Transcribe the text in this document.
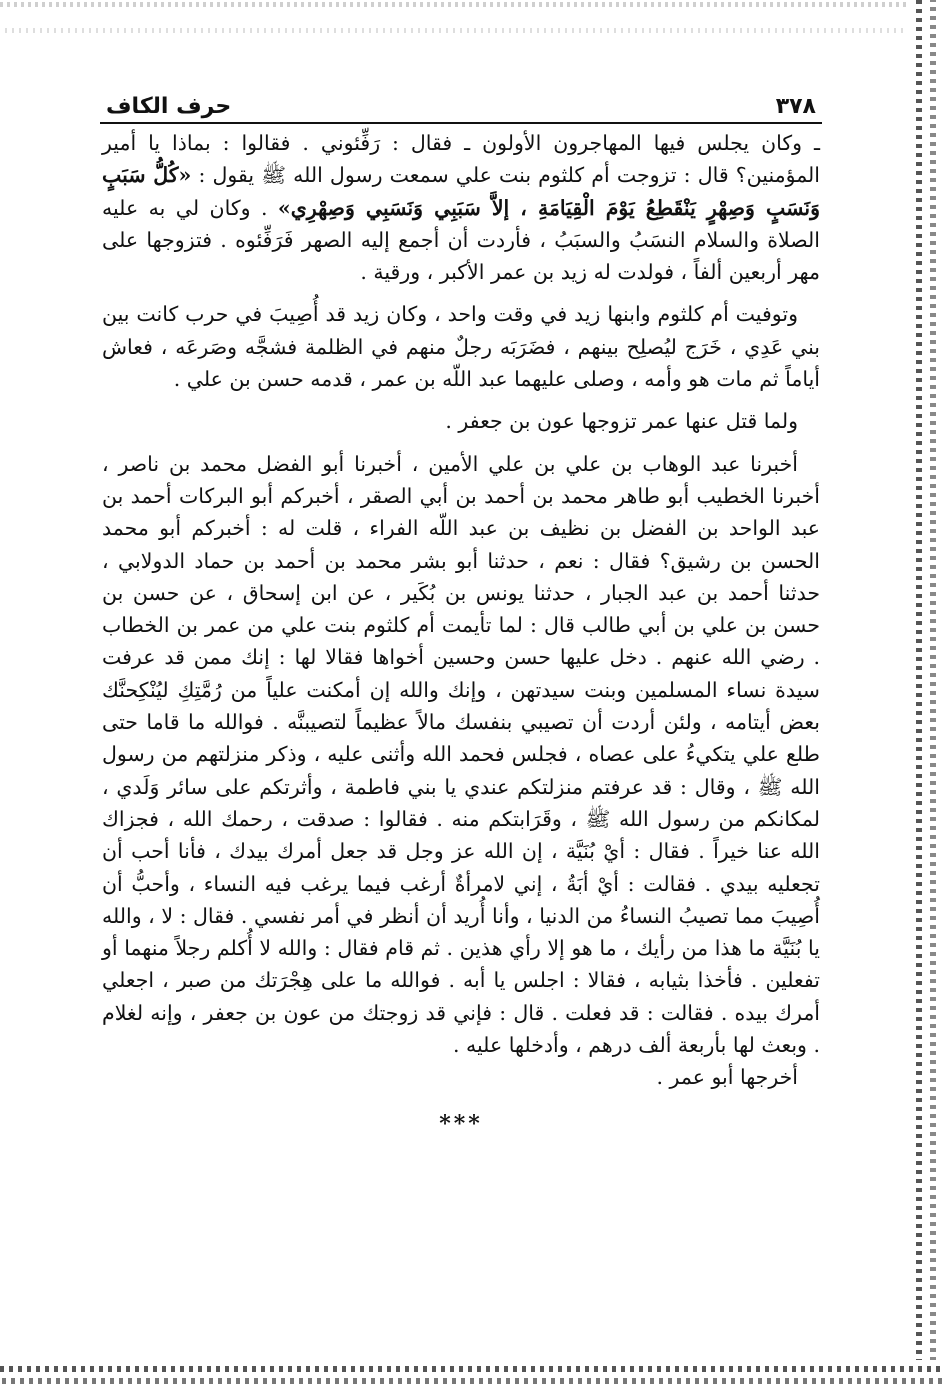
٣٧٨
حرف الكاف

ـ وكان يجلس فيها المهاجرون الأولون ـ فقال : رَفِّئوني . فقالوا : بماذا يا أمير المؤمنين؟ قال : تزوجت أم كلثوم بنت علي سمعت رسول الله ﷺ يقول : «كُلُّ سَبَبٍ وَنَسَبٍ وَصِهْرٍ يَنْقَطِعُ يَوْمَ الْقِيَامَةِ ، إلاَّ سَبَبِي وَنَسَبِي وَصِهْرِي» . وكان لي به عليه الصلاة والسلام النسَبُ والسبَبُ ، فأردت أن أجمع إليه الصهر فَرَفِّئوه . فتزوجها على مهر أربعين ألفاً ، فولدت له زيد بن عمر الأكبر ، ورقية .

وتوفيت أم كلثوم وابنها زيد في وقت واحد ، وكان زيد قد أُصِيبَ في حرب كانت بين بني عَدِي ، خَرَج ليُصلِح بينهم ، فضَرَبَه رجلٌ منهم في الظلمة فشجَّه وصَرعَه ، فعاش أياماً ثم مات هو وأمه ، وصلى عليهما عبد اللّه بن عمر ، قدمه حسن بن علي .

ولما قتل عنها عمر تزوجها عون بن جعفر .

أخبرنا عبد الوهاب بن علي بن علي الأمين ، أخبرنا أبو الفضل محمد بن ناصر ، أخبرنا الخطيب أبو طاهر محمد بن أحمد بن أبي الصقر ، أخبركم أبو البركات أحمد بن عبد الواحد بن الفضل بن نظيف بن عبد اللّه الفراء ، قلت له : أخبركم أبو محمد الحسن بن رشيق؟ فقال : نعم ، حدثنا أبو بشر محمد بن أحمد بن حماد الدولابي ، حدثنا أحمد بن عبد الجبار ، حدثنا يونس بن بُكَير ، عن ابن إسحاق ، عن حسن بن حسن بن علي بن أبي طالب قال : لما تأيمت أم كلثوم بنت علي من عمر بن الخطاب . رضي الله عنهم . دخل عليها حسن وحسين أخواها فقالا لها : إنك ممن قد عرفت سيدة نساء المسلمين وبنت سيدتهن ، وإنك والله إن أمكنت علياً من رُمَّتِكِ ليُنْكِحنَّك بعض أيتامه ، ولئن أردت أن تصيبي بنفسك مالاً عظيماً لتصيبنَّه . فوالله ما قاما حتى طلع علي يتكيءُ على عصاه ، فجلس فحمد الله وأثنى عليه ، وذكر منزلتهم من رسول الله ﷺ ، وقال : قد عرفتم منزلتكم عندي يا بني فاطمة ، وأثرتكم على سائر وَلَدي ، لمكانكم من رسول الله ﷺ ، وقَرَابتكم منه . فقالوا : صدقت ، رحمك الله ، فجزاك الله عنا خيراً . فقال : أيْ بُنَيَّة ، إن الله عز وجل قد جعل أمرك بيدك ، فأنا أحب أن تجعليه بيدي . فقالت : أيْ أبَةُ ، إني لامرأةٌ أرغب فيما يرغب فيه النساء ، وأحبُّ أن أُصِيبَ مما تصيبُ النساءُ من الدنيا ، وأنا أُريد أن أنظر في أمر نفسي . فقال : لا ، والله يا بُنَيَّة ما هذا من رأيك ، ما هو إلا رأي هذين . ثم قام فقال : والله لا أُكلم رجلاً منهما أو تفعلين . فأخذا بثيابه ، فقالا : اجلس يا أبه . فوالله ما على هِجْرَتك من صبر ، اجعلي أمرك بيده . فقالت : قد فعلت . قال : فإني قد زوجتك من عون بن جعفر ، وإنه لغلام . وبعث لها بأربعة ألف درهم ، وأدخلها عليه .

أخرجها أبو عمر .

***
